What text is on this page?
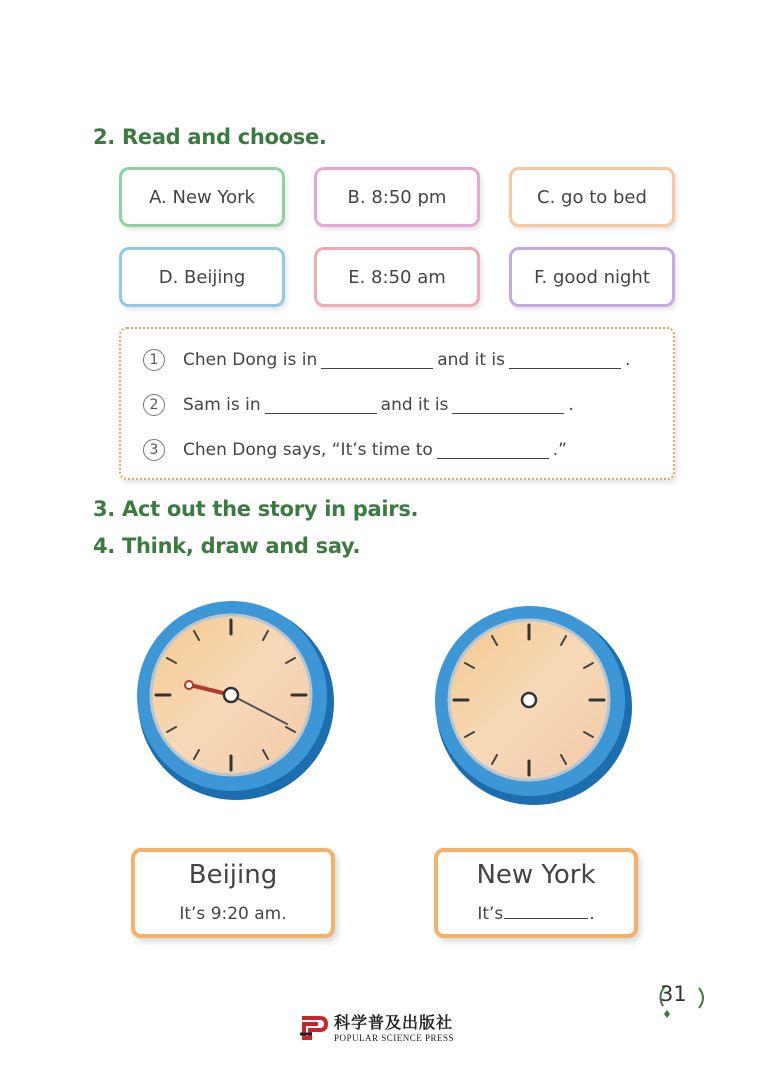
2. Read and choose.
A. New York	B. 8:50 pm	C. go to bed
D. Beijing	E. 8:50 am	F. good night
1	Chen Dong is in	and it is	.
2	Sam is in	and it is	.
3	Chen Dong says, “It’s time to	.”
3. Act out the story in pairs.
4. Think, draw and say.
Beijing
It’s 9:20 am.
New York
It’s	.
31
科学普及出版社
POPULAR SCIENCE PRESS
